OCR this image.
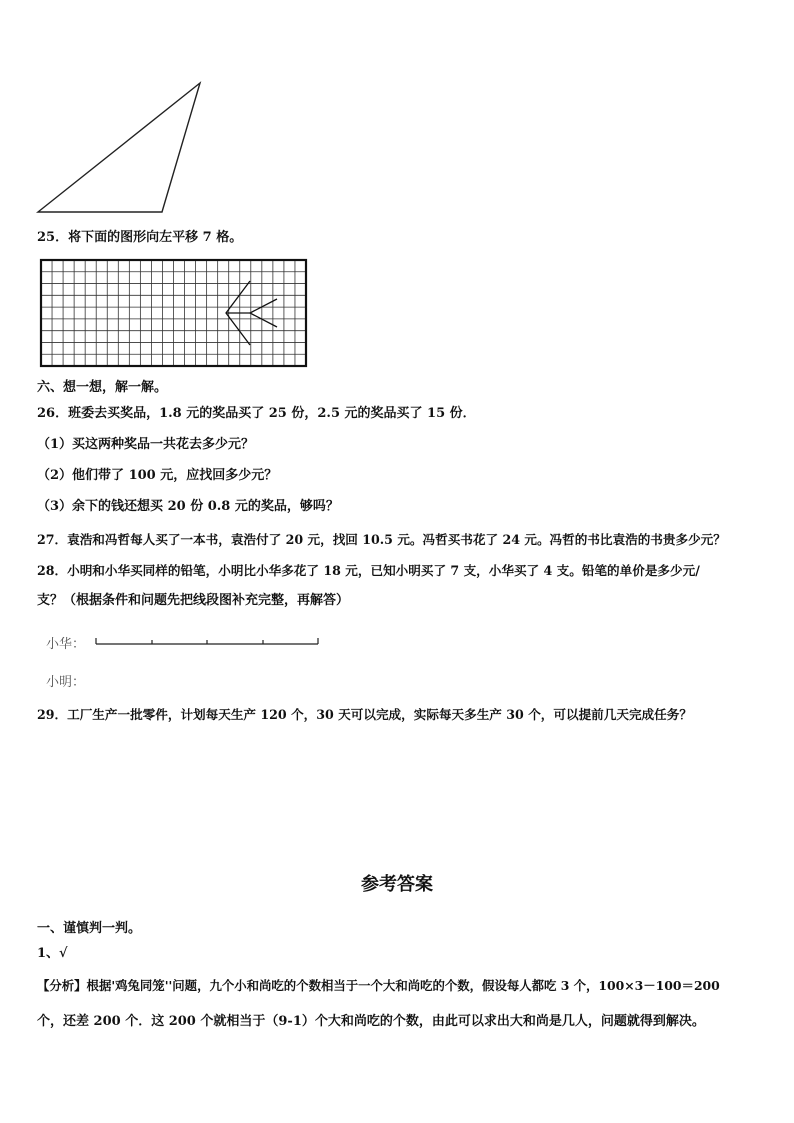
25．将下面的图形向左平移 7 格。
六、想一想，解一解。
26．班委去买奖品，1.8 元的奖品买了 25 份，2.5 元的奖品买了 15 份．
（1）买这两种奖品一共花去多少元？
（2）他们带了 100 元，应找回多少元？
（3）余下的钱还想买 20 份 0.8 元的奖品，够吗？
27．袁浩和冯哲每人买了一本书，袁浩付了 20 元，找回 10.5 元。冯哲买书花了 24 元。冯哲的书比袁浩的书贵多少元？
28．小明和小华买同样的铅笔，小明比小华多花了 18 元，已知小明买了 7 支，小华买了 4 支。铅笔的单价是多少元/
支？（根据条件和问题先把线段图补充完整，再解答）
小华：
小明：
29．工厂生产一批零件，计划每天生产 120 个，30 天可以完成，实际每天多生产 30 个，可以提前几天完成任务？
参考答案
一、谨慎判一判。
1、√
【分析】根据'鸡兔同笼''问题，九个小和尚吃的个数相当于一个大和尚吃的个数，假设每人都吃 3 个，100×3－100＝200
个，还差 200 个．这 200 个就相当于（9-1）个大和尚吃的个数，由此可以求出大和尚是几人，问题就得到解决。
